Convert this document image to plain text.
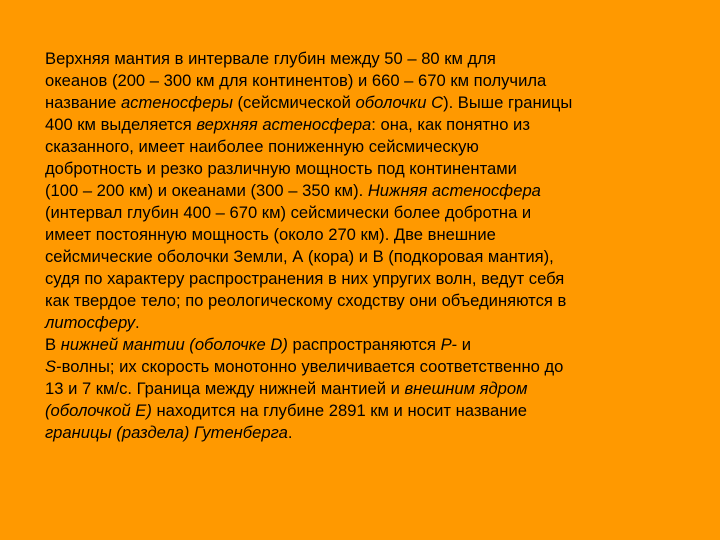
Верхняя мантия в интервале глубин между 50 – 80 км для
океанов (200 – 300 км для континентов) и 660 – 670 км получила
название астеносферы (сейсмической оболочки С). Выше границы
400 км выделяется верхняя астеносфера: она, как понятно из
сказанного, имеет наиболее пониженную сейсмическую
добротность и резко различную мощность под континентами
(100 – 200 км) и океанами (300 – 350 км). Нижняя астеносфера
(интервал глубин 400 – 670 км) сейсмически более добротна и
имеет постоянную мощность (около 270 км). Две внешние
сейсмические оболочки Земли, А (кора) и В (подкоровая мантия),
судя по характеру распространения в них упругих волн, ведут себя
как твердое тело; по реологическому сходству они объединяются в
литосферу.
В нижней мантии (оболочке D) распространяются Р- и
S-волны; их скорость монотонно увеличивается соответственно до
13 и 7 км/с. Граница между нижней мантией и внешним ядром
(оболочкой Е) находится на глубине 2891 км и носит название
границы (раздела) Гутенберга.
